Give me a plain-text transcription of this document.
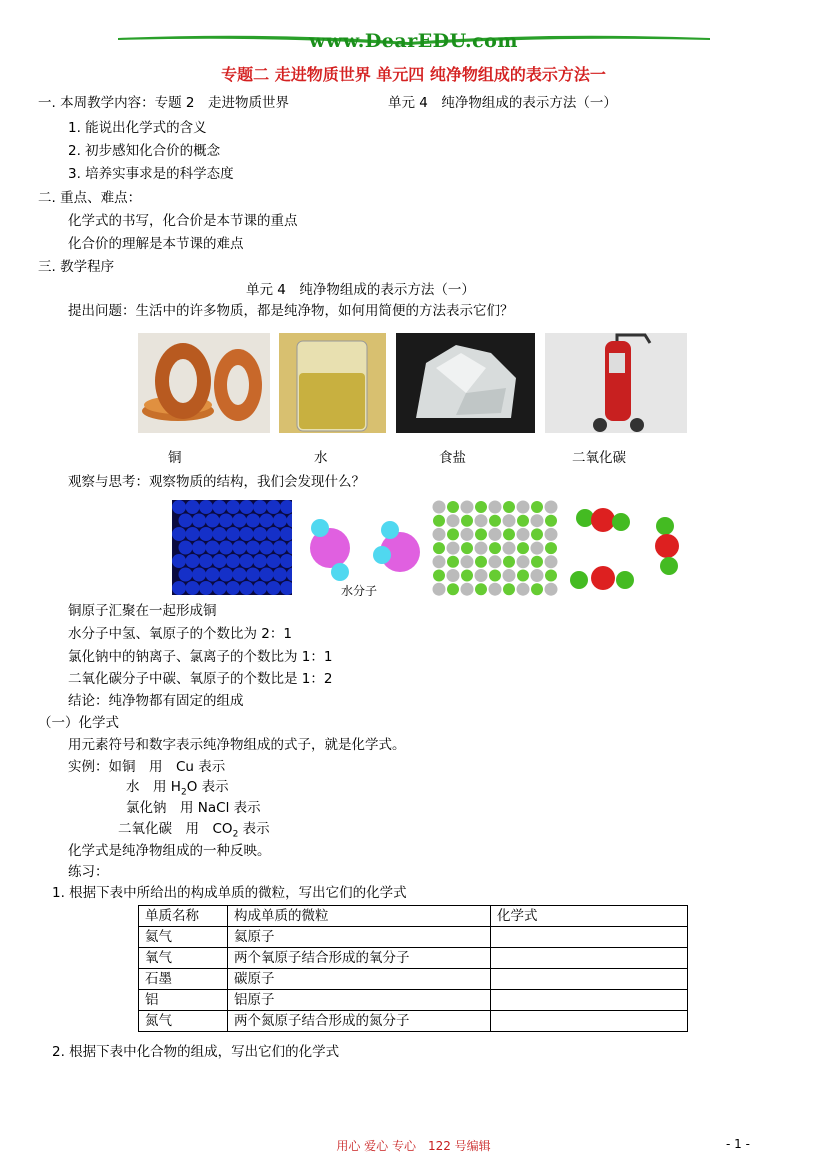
www.DearEDU.com
专题二 走进物质世界 单元四 纯净物组成的表示方法一
一. 本周教学内容：专题 2　走进物质世界	单元 4　纯净物组成的表示方法（一）
1. 能说出化学式的含义
2. 初步感知化合价的概念
3. 培养实事求是的科学态度
二. 重点、难点：
化学式的书写，化合价是本节课的重点
化合价的理解是本节课的难点
三. 教学程序
单元 4　纯净物组成的表示方法（一）
提出问题：生活中的许多物质，都是纯净物，如何用简便的方法表示它们？
铜	水	食盐	二氧化碳
观察与思考：观察物质的结构，我们会发现什么？
水分子
铜原子汇聚在一起形成铜
水分子中氢、氧原子的个数比为 2：1
氯化钠中的钠离子、氯离子的个数比为 1：1
二氧化碳分子中碳、氧原子的个数比是 1：2
结论：纯净物都有固定的组成
（一）化学式
用元素符号和数字表示纯净物组成的式子，就是化学式。
实例：如铜　用　Cu 表示
水　用 $H_2O$ 表示
氯化钠　用 NaCl 表示
二氧化碳　用　$CO_2$ 表示
化学式是纯净物组成的一种反映。
练习：
1. 根据下表中所给出的构成单质的微粒，写出它们的化学式
单质名称	构成单质的微粒	化学式
氦气	氦原子	
氧气	两个氧原子结合形成的氧分子	
石墨	碳原子	
铝	铝原子	
氮气	两个氮原子结合形成的氮分子	
2. 根据下表中化合物的组成，写出它们的化学式
用心 爱心 专心　122 号编辑	- 1 -
